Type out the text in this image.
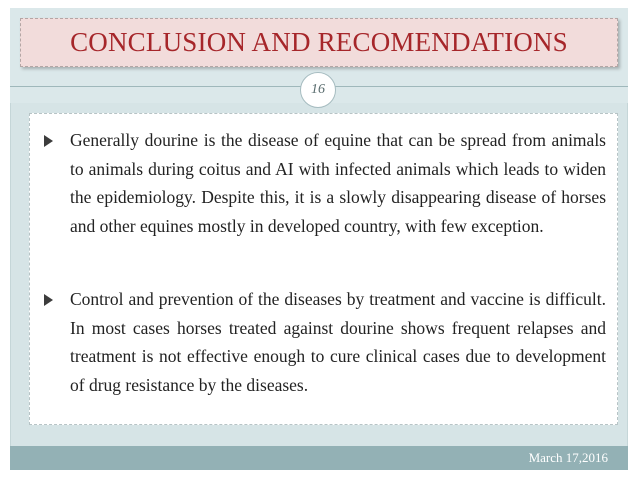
CONCLUSION AND RECOMENDATIONS
16
Generally dourine is the disease of equine that can be spread from animals to animals during coitus and AI with infected animals which leads to widen the epidemiology. Despite this, it is a slowly disappearing disease of horses and other equines mostly in developed country, with few exception.
Control and prevention of the diseases by treatment and vaccine is difficult. In most cases horses treated against dourine shows frequent relapses and treatment is not effective enough to cure clinical cases due to development of drug resistance by the diseases.
March 17,2016
